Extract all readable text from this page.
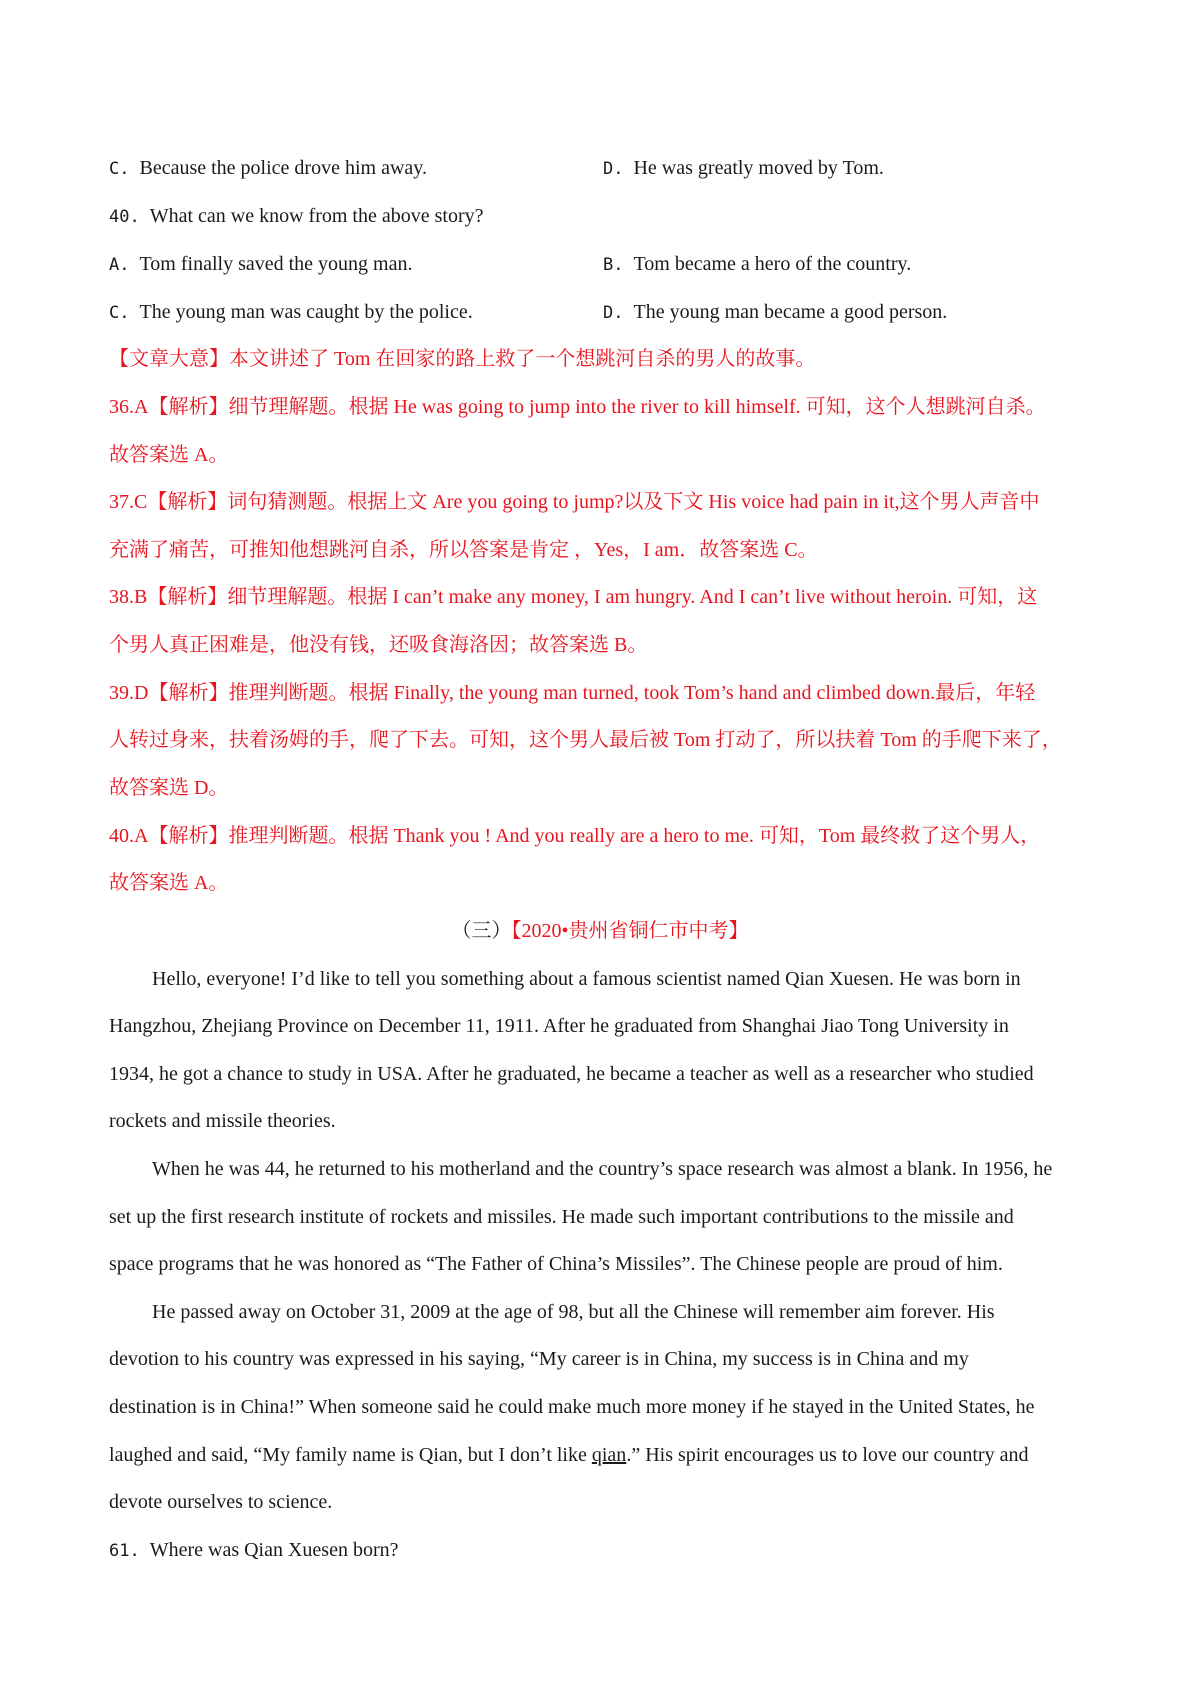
C. Because the police drove him away.	D. He was greatly moved by Tom.
40. What can we know from the above story?
A. Tom finally saved the young man.	B. Tom became a hero of the country.
C. The young man was caught by the police.	D. The young man became a good person.
【文章大意】本文讲述了 Tom 在回家的路上救了一个想跳河自杀的男人的故事。
36.A【解析】细节理解题。根据 He was going to jump into the river to kill himself. 可知，这个人想跳河自杀。
故答案选 A。
37.C【解析】词句猜测题。根据上文 Are you going to jump?以及下文 His voice had pain in it,这个男人声音中
充满了痛苦，可推知他想跳河自杀，所以答案是肯定 ，Yes，I am．故答案选 C。
38.B【解析】细节理解题。根据 I can’t make any money, I am hungry. And I can’t live without heroin. 可知，这
个男人真正困难是，他没有钱，还吸食海洛因；故答案选 B。
39.D【解析】推理判断题。根据 Finally, the young man turned, took Tom’s hand and climbed down.最后，年轻
人转过身来，扶着汤姆的手，爬了下去。可知，这个男人最后被 Tom 打动了，所以扶着 Tom 的手爬下来了，
故答案选 D。
40.A【解析】推理判断题。根据 Thank you ! And you really are a hero to me. 可知，Tom 最终救了这个男人，
故答案选 A。
（三）【2020•贵州省铜仁市中考】
Hello, everyone! I’d like to tell you something about a famous scientist named Qian Xuesen. He was born in
Hangzhou, Zhejiang Province on December 11, 1911. After he graduated from Shanghai Jiao Tong University in
1934, he got a chance to study in USA. After he graduated, he became a teacher as well as a researcher who studied
rockets and missile theories.
When he was 44, he returned to his motherland and the country’s space research was almost a blank. In 1956, he
set up the first research institute of rockets and missiles. He made such important contributions to the missile and
space programs that he was honored as “The Father of China’s Missiles”. The Chinese people are proud of him.
He passed away on October 31, 2009 at the age of 98, but all the Chinese will remember aim forever. His
devotion to his country was expressed in his saying, “My career is in China, my success is in China and my
destination is in China!” When someone said he could make much more money if he stayed in the United States, he
laughed and said, “My family name is Qian, but I don’t like qian.” His spirit encourages us to love our country and
devote ourselves to science.
61. Where was Qian Xuesen born?
